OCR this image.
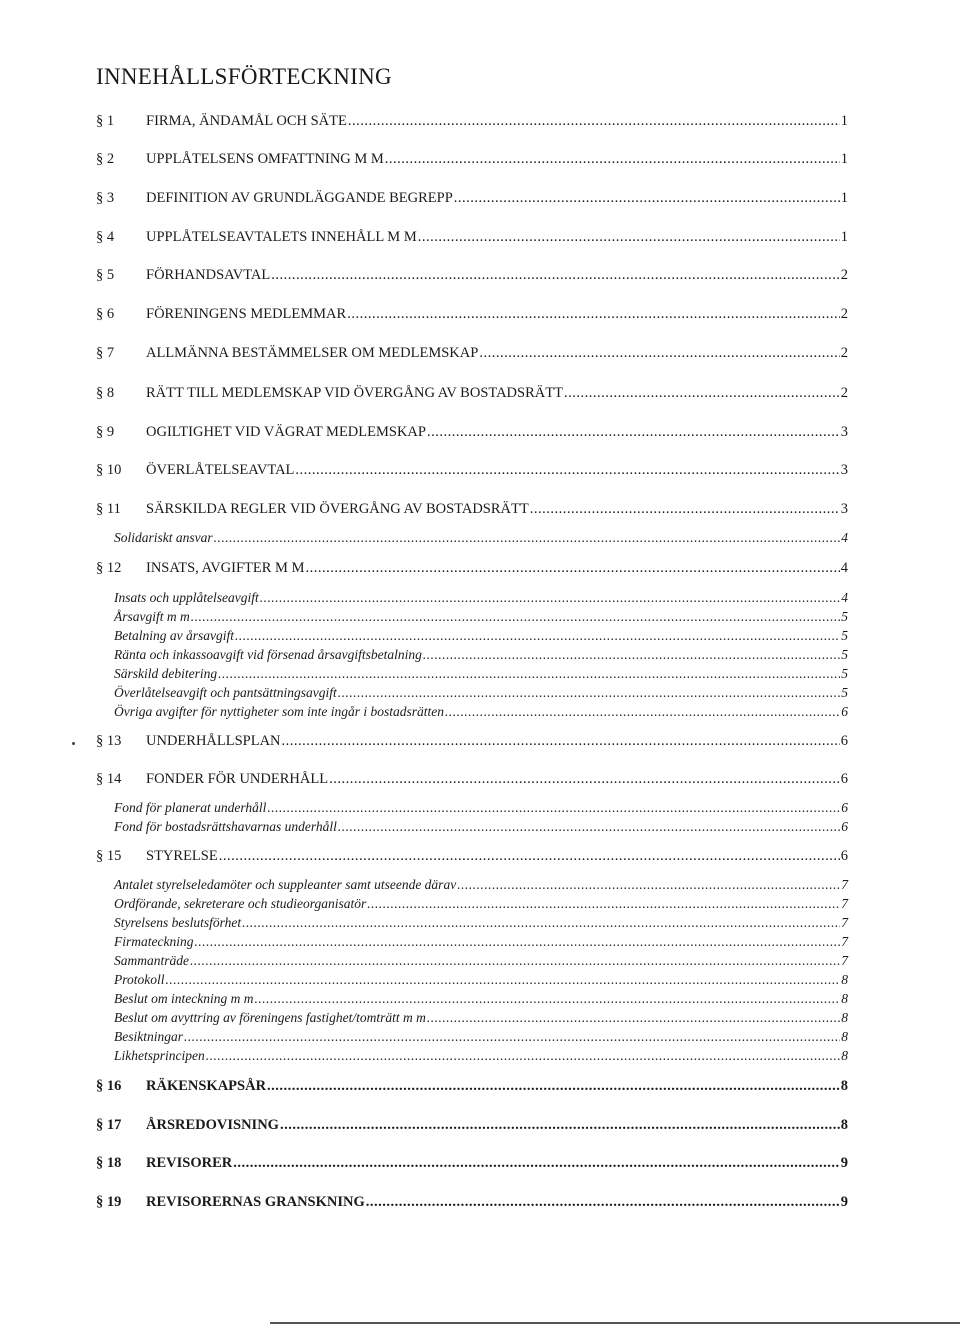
INNEHÅLLSFÖRTECKNING
§ 1	FIRMA, ÄNDAMÅL OCH SÄTE .....	1
§ 2	UPPLÅTELSENS OMFATTNING M M .....	1
§ 3	DEFINITION AV GRUNDLÄGGANDE BEGREPP .....	1
§ 4	UPPLÅTELSEAVTALETS INNEHÅLL M M .....	1
§ 5	FÖRHANDSAVTAL .....	2
§ 6	FÖRENINGENS MEDLEMMAR .....	2
§ 7	ALLMÄNNA BESTÄMMELSER OM MEDLEMSKAP .....	2
§ 8	RÄTT TILL MEDLEMSKAP VID ÖVERGÅNG AV BOSTADSRÄTT .....	2
§ 9	OGILTIGHET VID VÄGRAT MEDLEMSKAP .....	3
§ 10	ÖVERLÅTELSEAVTAL .....	3
§ 11	SÄRSKILDA REGLER VID ÖVERGÅNG AV BOSTADSRÄTT .....	3
Solidariskt ansvar .....	4
§ 12	INSATS, AVGIFTER M M .....	4
Insats och upplåtelseavgift .....	4
Årsavgift m m .....	5
Betalning av årsavgift .....	5
Ränta och inkassoavgift vid försenad årsavgiftsbetalning .....	5
Särskild debitering .....	5
Överlåtelseavgift och pantsättningsavgift .....	5
Övriga avgifter för nyttigheter som inte ingår i bostadsrätten .....	6
§ 13	UNDERHÅLLSPLAN .....	6
§ 14	FONDER FÖR UNDERHÅLL .....	6
Fond för planerat underhåll .....	6
Fond för bostadsrättshavarnas underhåll .....	6
§ 15	STYRELSE .....	6
Antalet styrelseledamöter och suppleanter samt utseende därav .....	7
Ordförande, sekreterare och studieorganisatör .....	7
Styrelsens beslutsförhet .....	7
Firmateckning .....	7
Sammanträde .....	7
Protokoll .....	8
Beslut om inteckning m m .....	8
Beslut om avyttring av föreningens fastighet/tomträtt m m .....	8
Besiktningar .....	8
Likhetsprincipen .....	8
§ 16	RÄKENSKAPSÅR .....	8
§ 17	ÅRSREDOVISNING .....	8
§ 18	REVISORER .....	9
§ 19	REVISORERNAS GRANSKNING .....	9
